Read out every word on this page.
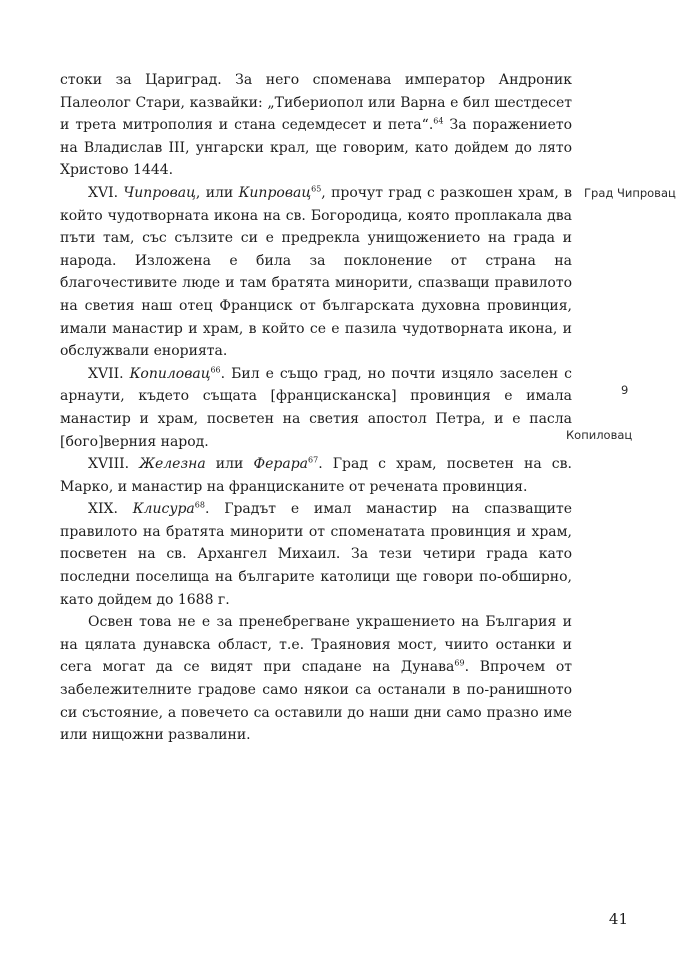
стоки за Цариград. За него споменава император Андроник Палеолог Стари, казвайки: „Тибериопол или Варна е бил шестдесет и трета митрополия и стана седемдесет и пета“.$^{64}$ За поражението на Владислав III, унгарски крал, ще говорим, като дойдем до лято Христово 1444.

XVI. Чипровац, или Кипровац$^{65}$, прочут град с разкошен храм, в който чудотворната икона на св. Богородица, която проплакала два пъти там, със сълзите си е предрекла унищожението на града и народа. Изложена е била за поклонение от страна на благочестивите люде и там братята минорити, спазващи правилото на светия наш отец Франциск от българската духовна провинция, имали манастир и храм, в който се е пазила чудотворната икона, и обслужвали енорията.

XVII. Копиловац$^{66}$. Бил е също град, но почти изцяло заселен с арнаути, където същата [францисканска] провинция е имала манастир и храм, посветен на светия апостол Петра, и е пасла [бого]верния народ.

XVIII. Железна или Ферара$^{67}$. Град с храм, посветен на св. Марко, и манастир на францисканите от речената провинция.

XIX. Клисура$^{68}$. Градът е имал манастир на спазващите правилото на братята минорити от споменатата провинция и храм, посветен на св. Архангел Михаил. За тези четири града като последни поселища на българите католици ще говори по-обширно, като дойдем до 1688 г.

Освен това не е за пренебрегване украшението на България и на цялата дунавска област, т.е. Траяновия мост, чиито останки и сега могат да се видят при спадане на Дунава$^{69}$. Впрочем от забележителните градове само някои са останали в по-ранишното си състояние, а повечето са оставили до наши дни само празно име или нищожни развалини.

Град Чипровац
9
Копиловац
41
